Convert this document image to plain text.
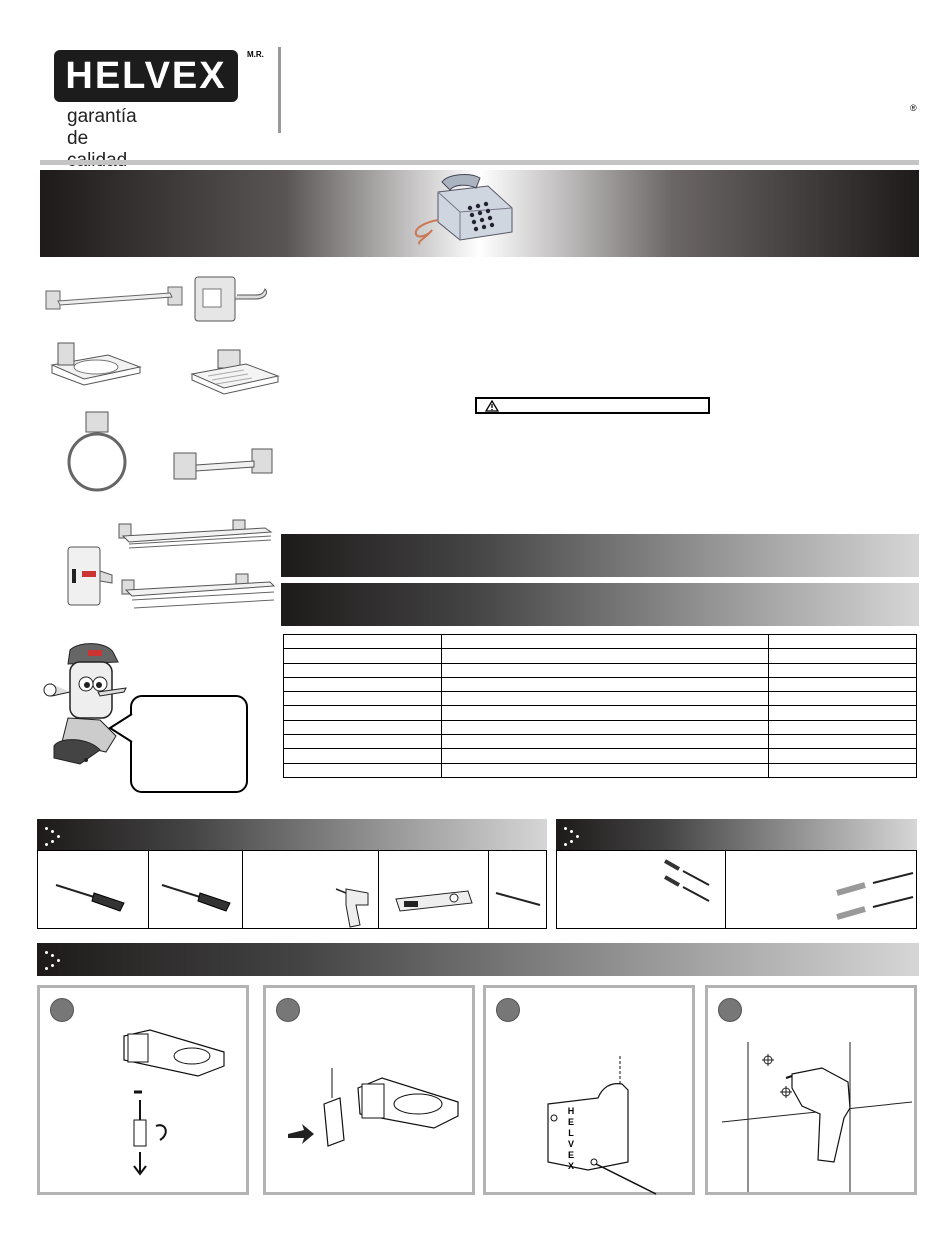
HELVEX	M.R.
garantía de
®

HELVEX
